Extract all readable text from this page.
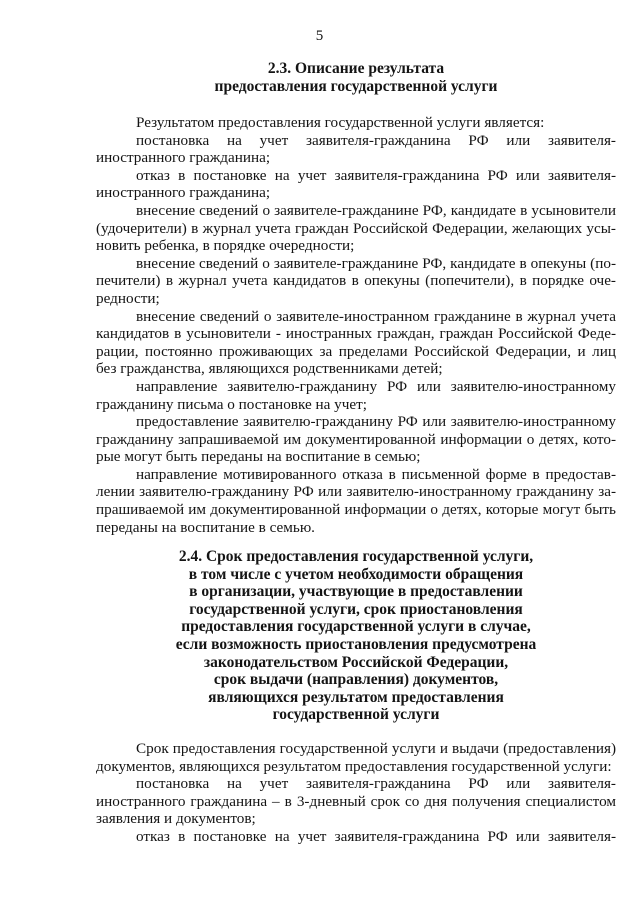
5
2.3. Описание результата
предоставления государственной услуги
Результатом предоставления государственной услуги является:
постановка на учет заявителя-гражданина РФ или заявителя-
иностранного гражданина;
отказ в постановке на учет заявителя-гражданина РФ или заявителя-
иностранного гражданина;
внесение сведений о заявителе-гражданине РФ, кандидате в усыновители
(удочерители) в журнал учета граждан Российской Федерации, желающих усы-
новить ребенка, в порядке очередности;
внесение сведений о заявителе-гражданине РФ, кандидате в опекуны (по-
печители) в журнал учета кандидатов в опекуны (попечители), в порядке оче-
редности;
внесение сведений о заявителе-иностранном гражданине в журнал учета
кандидатов в усыновители - иностранных граждан, граждан Российской Феде-
рации, постоянно проживающих за пределами Российской Федерации, и лиц
без гражданства, являющихся родственниками детей;
направление заявителю-гражданину РФ или заявителю-иностранному
гражданину письма о постановке на учет;
предоставление заявителю-гражданину РФ или заявителю-иностранному
гражданину запрашиваемой им документированной информации о детях, кото-
рые могут быть переданы на воспитание в семью;
направление мотивированного отказа в письменной форме в предостав-
лении заявителю-гражданину РФ или заявителю-иностранному гражданину за-
прашиваемой им документированной информации о детях, которые могут быть
переданы на воспитание в семью.
2.4. Срок предоставления государственной услуги,
в том числе с учетом необходимости обращения
в организации, участвующие в предоставлении
государственной услуги, срок приостановления
предоставления государственной услуги в случае,
если возможность приостановления предусмотрена
законодательством Российской Федерации,
срок выдачи (направления) документов,
являющихся результатом предоставления
государственной услуги
Срок предоставления государственной услуги и выдачи (предоставления)
документов, являющихся результатом предоставления государственной услуги:
постановка на учет заявителя-гражданина РФ или заявителя-
иностранного гражданина – в 3-дневный срок со дня получения специалистом
заявления и документов;
отказ в постановке на учет заявителя-гражданина РФ или заявителя-
